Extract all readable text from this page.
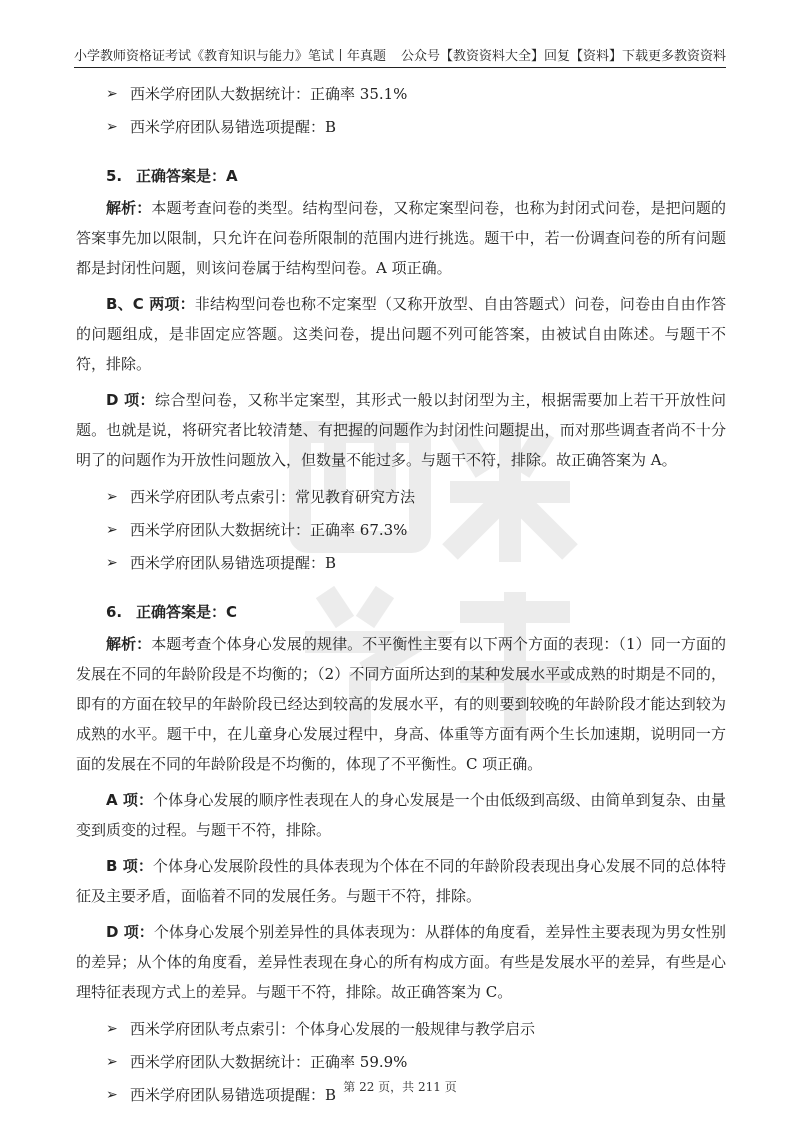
小学教师资格证考试《教育知识与能力》笔试丨年真题 公众号【教资资料大全】回复【资料】下载更多教资资料
➢ 西米学府团队大数据统计：正确率 35.1%
➢ 西米学府团队易错选项提醒：B
5. 正确答案是：A

解析：本题考查问卷的类型。结构型问卷，又称定案型问卷，也称为封闭式问卷，是把问题的答案事先加以限制，只允许在问卷所限制的范围内进行挑选。题干中，若一份调查问卷的所有问题都是封闭性问题，则该问卷属于结构型问卷。A 项正确。

B、C 两项：非结构型问卷也称不定案型（又称开放型、自由答题式）问卷，问卷由自由作答的问题组成，是非固定应答题。这类问卷，提出问题不列可能答案，由被试自由陈述。与题干不符，排除。

D 项：综合型问卷，又称半定案型，其形式一般以封闭型为主，根据需要加上若干开放性问题。也就是说，将研究者比较清楚、有把握的问题作为封闭性问题提出，而对那些调查者尚不十分明了的问题作为开放性问题放入，但数量不能过多。与题干不符，排除。故正确答案为 A。

➢ 西米学府团队考点索引：常见教育研究方法
➢ 西米学府团队大数据统计：正确率 67.3%
➢ 西米学府团队易错选项提醒：B
6. 正确答案是：C

解析：本题考查个体身心发展的规律。不平衡性主要有以下两个方面的表现：（1）同一方面的发展在不同的年龄阶段是不均衡的；（2）不同方面所达到的某种发展水平或成熟的时期是不同的，即有的方面在较早的年龄阶段已经达到较高的发展水平，有的则要到较晚的年龄阶段才能达到较为成熟的水平。题干中，在儿童身心发展过程中，身高、体重等方面有两个生长加速期，说明同一方面的发展在不同的年龄阶段是不均衡的，体现了不平衡性。C 项正确。

A 项：个体身心发展的顺序性表现在人的身心发展是一个由低级到高级、由简单到复杂、由量变到质变的过程。与题干不符，排除。

B 项：个体身心发展阶段性的具体表现为个体在不同的年龄阶段表现出身心发展不同的总体特征及主要矛盾，面临着不同的发展任务。与题干不符，排除。

D 项：个体身心发展个别差异性的具体表现为：从群体的角度看，差异性主要表现为男女性别的差异；从个体的角度看，差异性表现在身心的所有构成方面。有些是发展水平的差异，有些是心理特征表现方式上的差异。与题干不符，排除。故正确答案为 C。

➢ 西米学府团队考点索引：个体身心发展的一般规律与教学启示
➢ 西米学府团队大数据统计：正确率 59.9%
➢ 西米学府团队易错选项提醒：B 第 22 页，共 211 页
